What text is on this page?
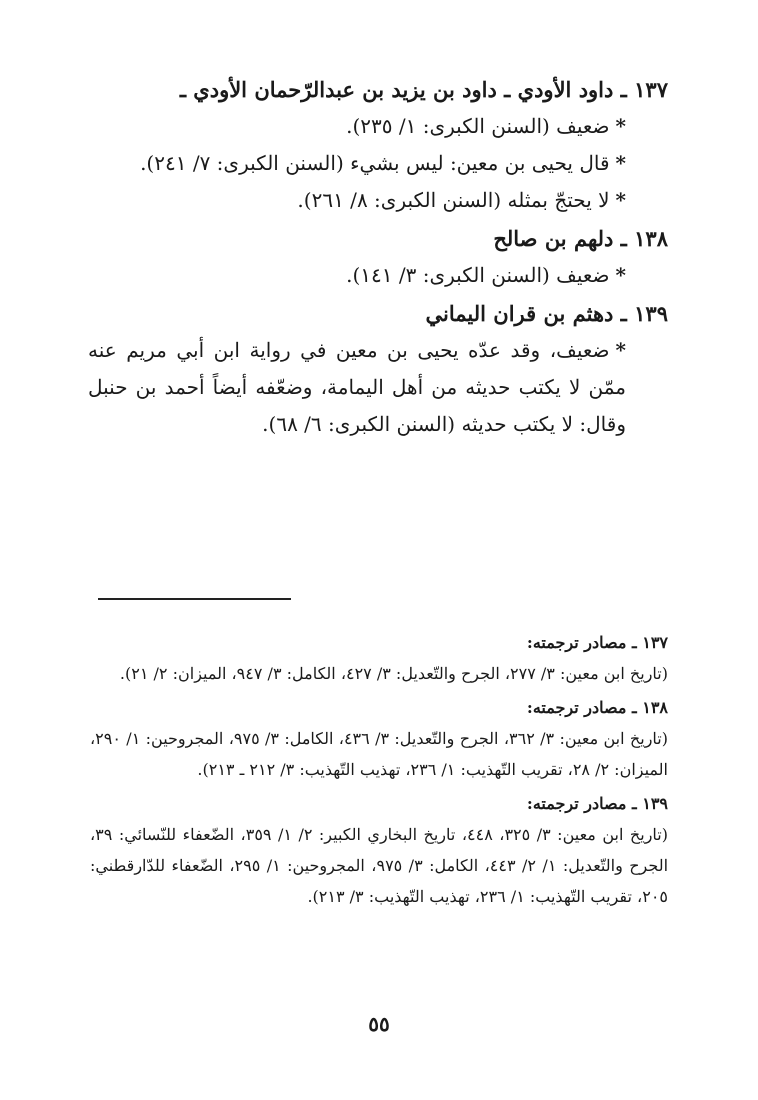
١٣٧ ـ داود الأودي ـ داود بن يزيد بن عبدالرّحمان الأودي ـ
*ضعيف (السنن الكبرى: ١/ ٢٣٥).
*قال يحيى بن معين: ليس بشيء (السنن الكبرى: ٧/ ٢٤١).
*لا يحتجّ بمثله (السنن الكبرى: ٨/ ٢٦١).
١٣٨ ـ دلهم بن صالح
*ضعيف (السنن الكبرى: ٣/ ١٤١).
١٣٩ ـ دهثم بن قران اليماني
*ضعيف، وقد عدّه يحيى بن معين في رواية ابن أبي مريم عنه ممّن لا يكتب حديثه من أهل اليمامة، وضعّفه أيضاً أحمد بن حنبل وقال: لا يكتب حديثه (السنن الكبرى: ٦/ ٦٨).
١٣٧ ـ مصادر ترجمته:
(تاريخ ابن معين: ٣/ ٢٧٧، الجرح والتّعديل: ٣/ ٤٢٧، الكامل: ٣/ ٩٤٧، الميزان: ٢/ ٢١).
١٣٨ ـ مصادر ترجمته:
(تاريخ ابن معين: ٣/ ٣٦٢، الجرح والتّعديل: ٣/ ٤٣٦، الكامل: ٣/ ٩٧٥، المجروحين: ١/ ٢٩٠، الميزان: ٢/ ٢٨، تقريب التّهذيب: ١/ ٢٣٦، تهذيب التّهذيب: ٣/ ٢١٢ ـ ٢١٣).
١٣٩ ـ مصادر ترجمته:
(تاريخ ابن معين: ٣/ ٣٢٥، ٤٤٨، تاريخ البخاري الكبير: ٢/ ١/ ٣٥٩، الضّعفاء للنّسائي: ٣٩، الجرح والتّعديل: ١/ ٢/ ٤٤٣، الكامل: ٣/ ٩٧٥، المجروحين: ١/ ٢٩٥، الضّعفاء للدّارقطني: ٢٠٥، تقريب التّهذيب: ١/ ٢٣٦، تهذيب التّهذيب: ٣/ ٢١٣).
٥٥
